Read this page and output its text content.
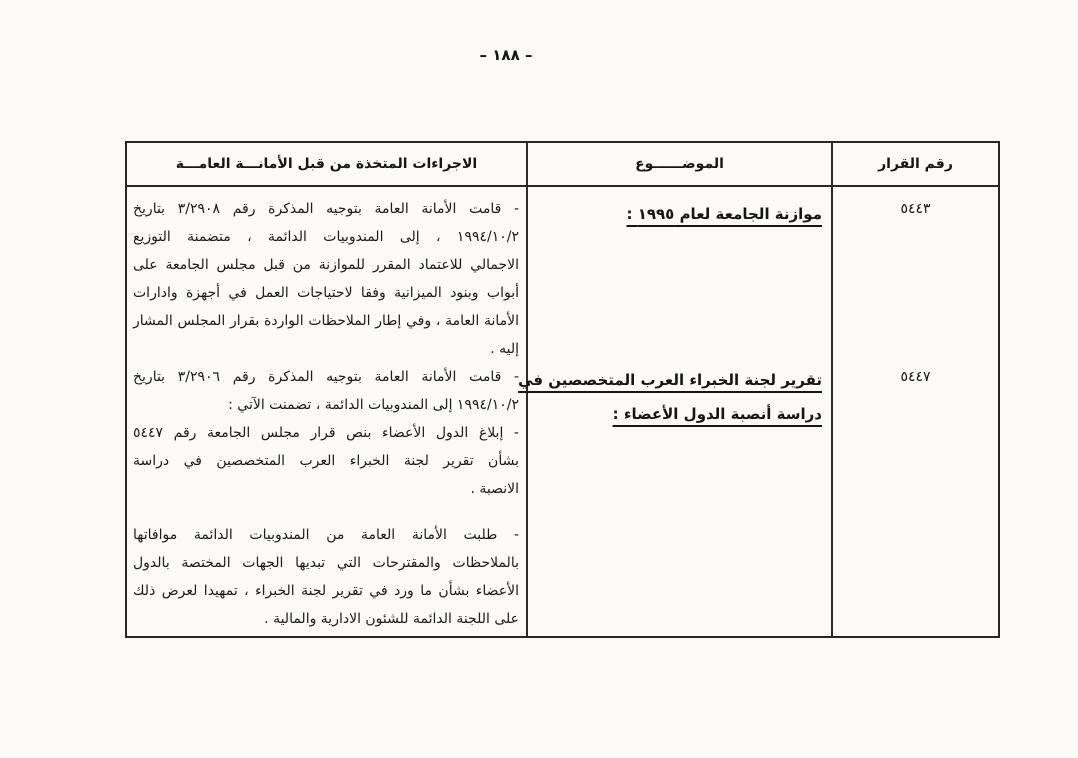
– ١٨٨ –
رقم القرار
الموضــــــوع
الاجراءات المتخذة من قبل الأمانـــة العامـــة
٥٤٤٣
٥٤٤٧
موازنة الجامعة لعام ١٩٩٥ :
تقرير لجنة الخبراء العرب المتخصصين في
دراسة أنصبة الدول الأعضاء :
- قامت الأمانة العامة بتوجيه المذكرة رقم ٣/٢٩٠٨ بتاريخ
١٩٩٤/١٠/٢ ، إلى المندوبيات الدائمة ، متضمنة التوزيع
الاجمالي للاعتماد المقرر للموازنة من قبل مجلس الجامعة على
أبواب وبنود الميزانية وفقا لاحتياجات العمل في أجهزة وادارات
الأمانة العامة ، وفي إطار الملاحظات الواردة بقرار المجلس المشار
إليه .
- قامت الأمانة العامة بتوجيه المذكرة رقم ٣/٢٩٠٦ بتاريخ
١٩٩٤/١٠/٢ إلى المندوبيات الدائمة ، تضمنت الآتي :
- إبلاغ الدول الأعضاء بنص قرار مجلس الجامعة رقم ٥٤٤٧
بشأن تقرير لجنة الخبراء العرب المتخصصين في دراسة
الانصبة .
- طلبت الأمانة العامة من المندوبيات الدائمة موافاتها
بالملاحظات والمقترحات التي تبديها الجهات المختصة بالدول
الأعضاء بشأن ما ورد في تقرير لجنة الخبراء ، تمهيدا لعرض ذلك
على اللجنة الدائمة للشئون الادارية والمالية .
